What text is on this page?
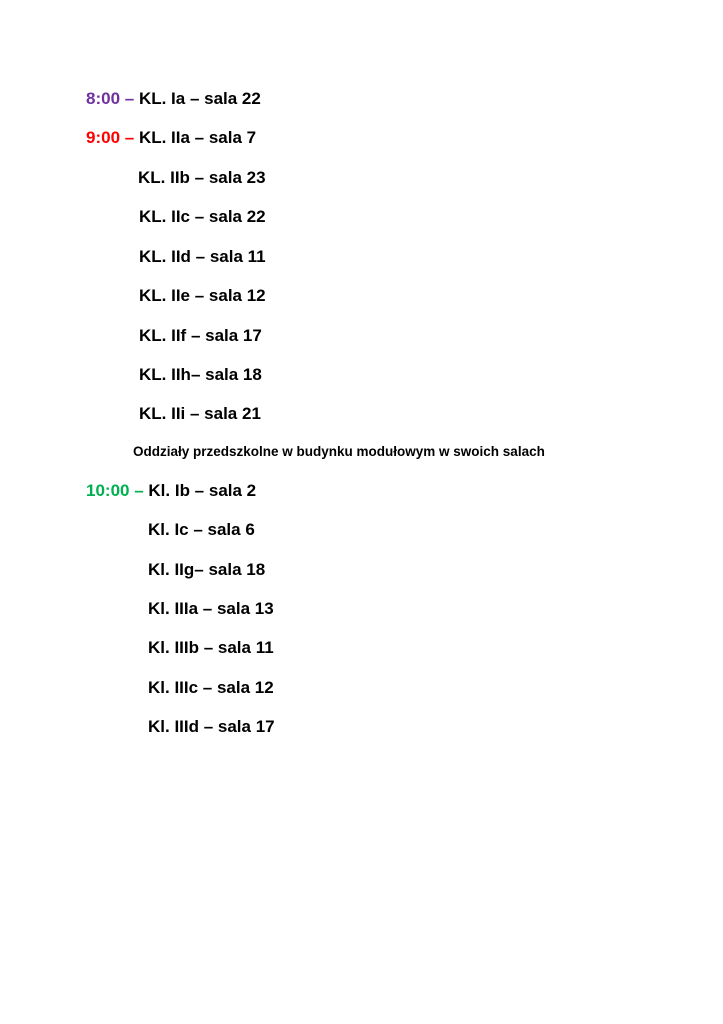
8:00 – KL. Ia – sala 22
9:00 – KL. IIa – sala 7
KL. IIb – sala 23
KL. IIc – sala 22
KL. IId – sala 11
KL. IIe – sala 12
KL. IIf – sala 17
KL. IIh– sala 18
KL. IIi – sala 21
Oddziały przedszkolne w budynku modułowym w swoich salach
10:00 – Kl. Ib – sala 2
Kl. Ic – sala 6
Kl. IIg– sala 18
Kl. IIIa – sala 13
Kl. IIIb – sala 11
Kl. IIIc – sala 12
Kl. IIId – sala 17
